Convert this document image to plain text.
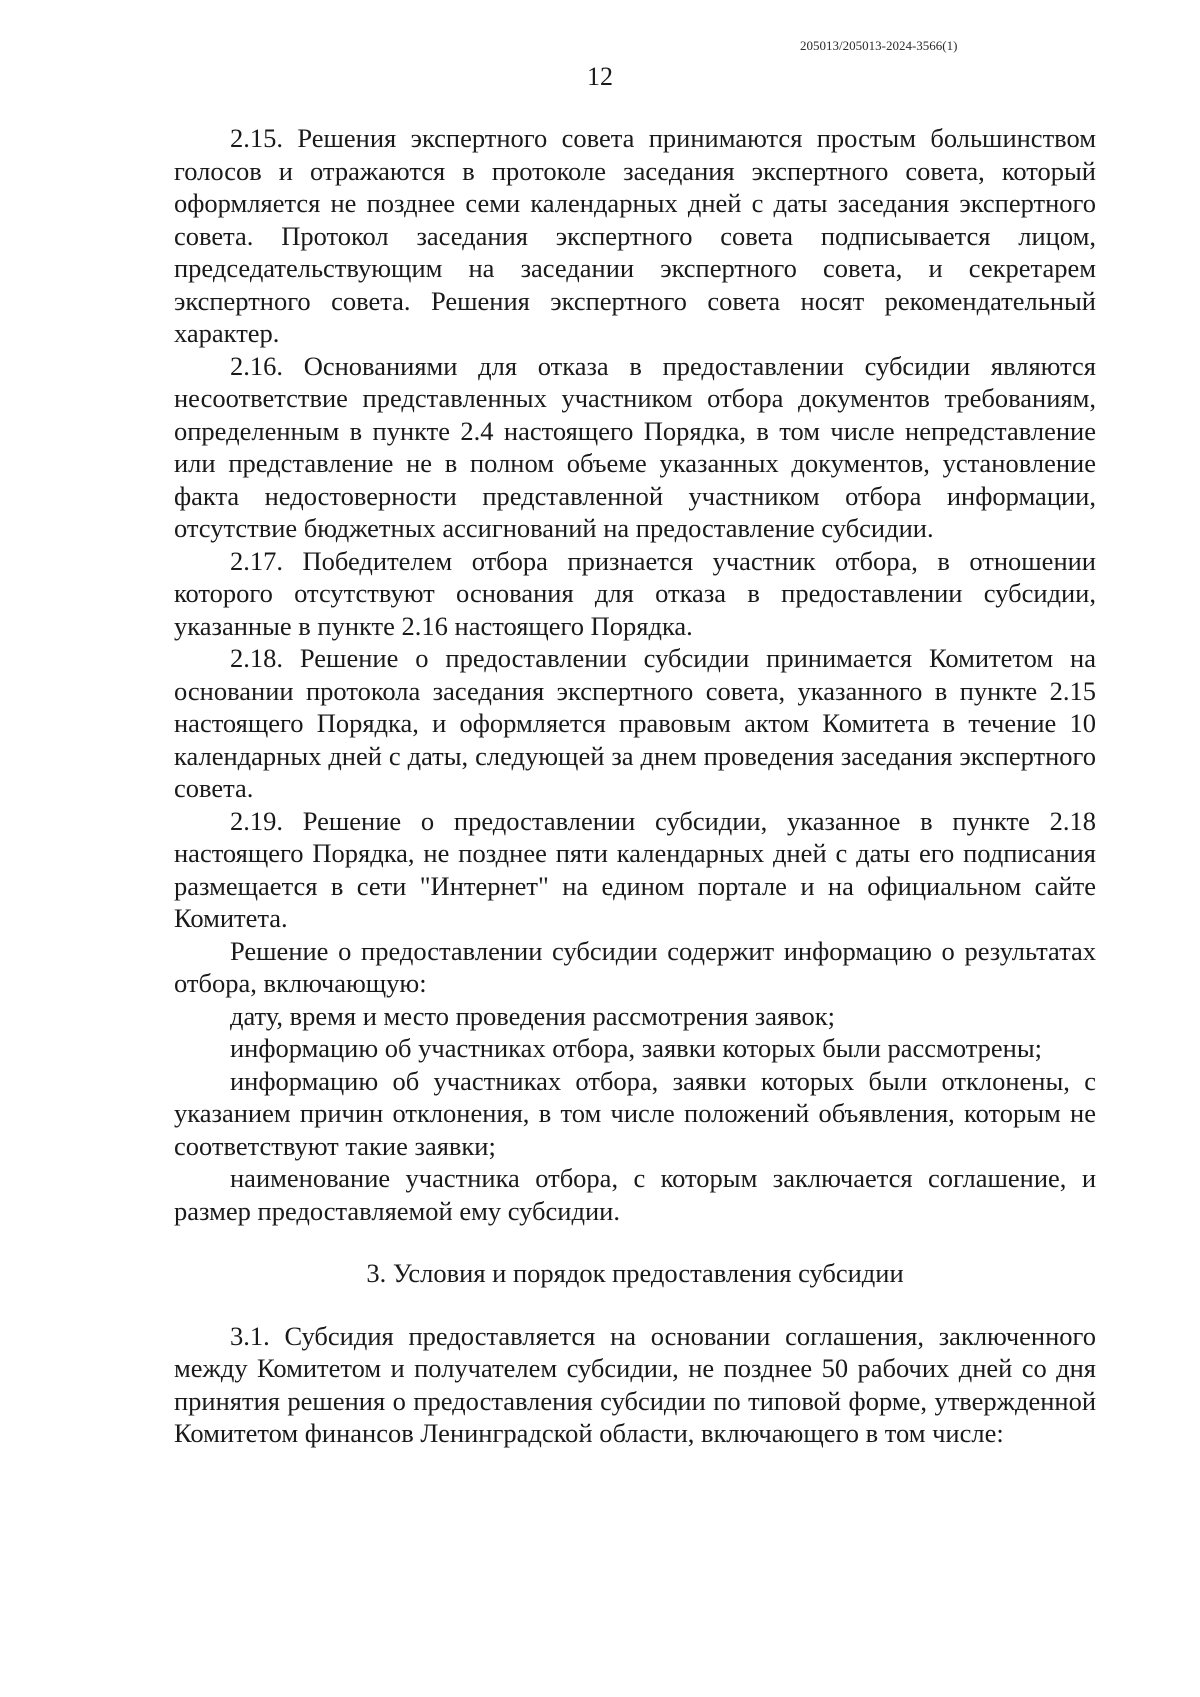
205013/205013-2024-3566(1)
12

2.15. Решения экспертного совета принимаются простым большинством голосов и отражаются в протоколе заседания экспертного совета, который оформляется не позднее семи календарных дней с даты заседания экспертного совета. Протокол заседания экспертного совета подписывается лицом, председательствующим на заседании экспертного совета, и секретарем экспертного совета. Решения экспертного совета носят рекомендательный характер.

2.16. Основаниями для отказа в предоставлении субсидии являются несоответствие представленных участником отбора документов требованиям, определенным в пункте 2.4 настоящего Порядка, в том числе непредставление или представление не в полном объеме указанных документов, установление факта недостоверности представленной участником отбора информации, отсутствие бюджетных ассигнований на предоставление субсидии.

2.17. Победителем отбора признается участник отбора, в отношении которого отсутствуют основания для отказа в предоставлении субсидии, указанные в пункте 2.16 настоящего Порядка.

2.18. Решение о предоставлении субсидии принимается Комитетом на основании протокола заседания экспертного совета, указанного в пункте 2.15 настоящего Порядка, и оформляется правовым актом Комитета в течение 10 календарных дней с даты, следующей за днем проведения заседания экспертного совета.

2.19. Решение о предоставлении субсидии, указанное в пункте 2.18 настоящего Порядка, не позднее пяти календарных дней с даты его подписания размещается в сети "Интернет" на едином портале и на официальном сайте Комитета.

Решение о предоставлении субсидии содержит информацию о результатах отбора, включающую:

дату, время и место проведения рассмотрения заявок;

информацию об участниках отбора, заявки которых были рассмотрены;

информацию об участниках отбора, заявки которых были отклонены, с указанием причин отклонения, в том числе положений объявления, которым не соответствуют такие заявки;

наименование участника отбора, с которым заключается соглашение, и размер предоставляемой ему субсидии.

3. Условия и порядок предоставления субсидии

3.1. Субсидия предоставляется на основании соглашения, заключенного между Комитетом и получателем субсидии, не позднее 50 рабочих дней со дня принятия решения о предоставления субсидии по типовой форме, утвержденной Комитетом финансов Ленинградской области, включающего в том числе:
